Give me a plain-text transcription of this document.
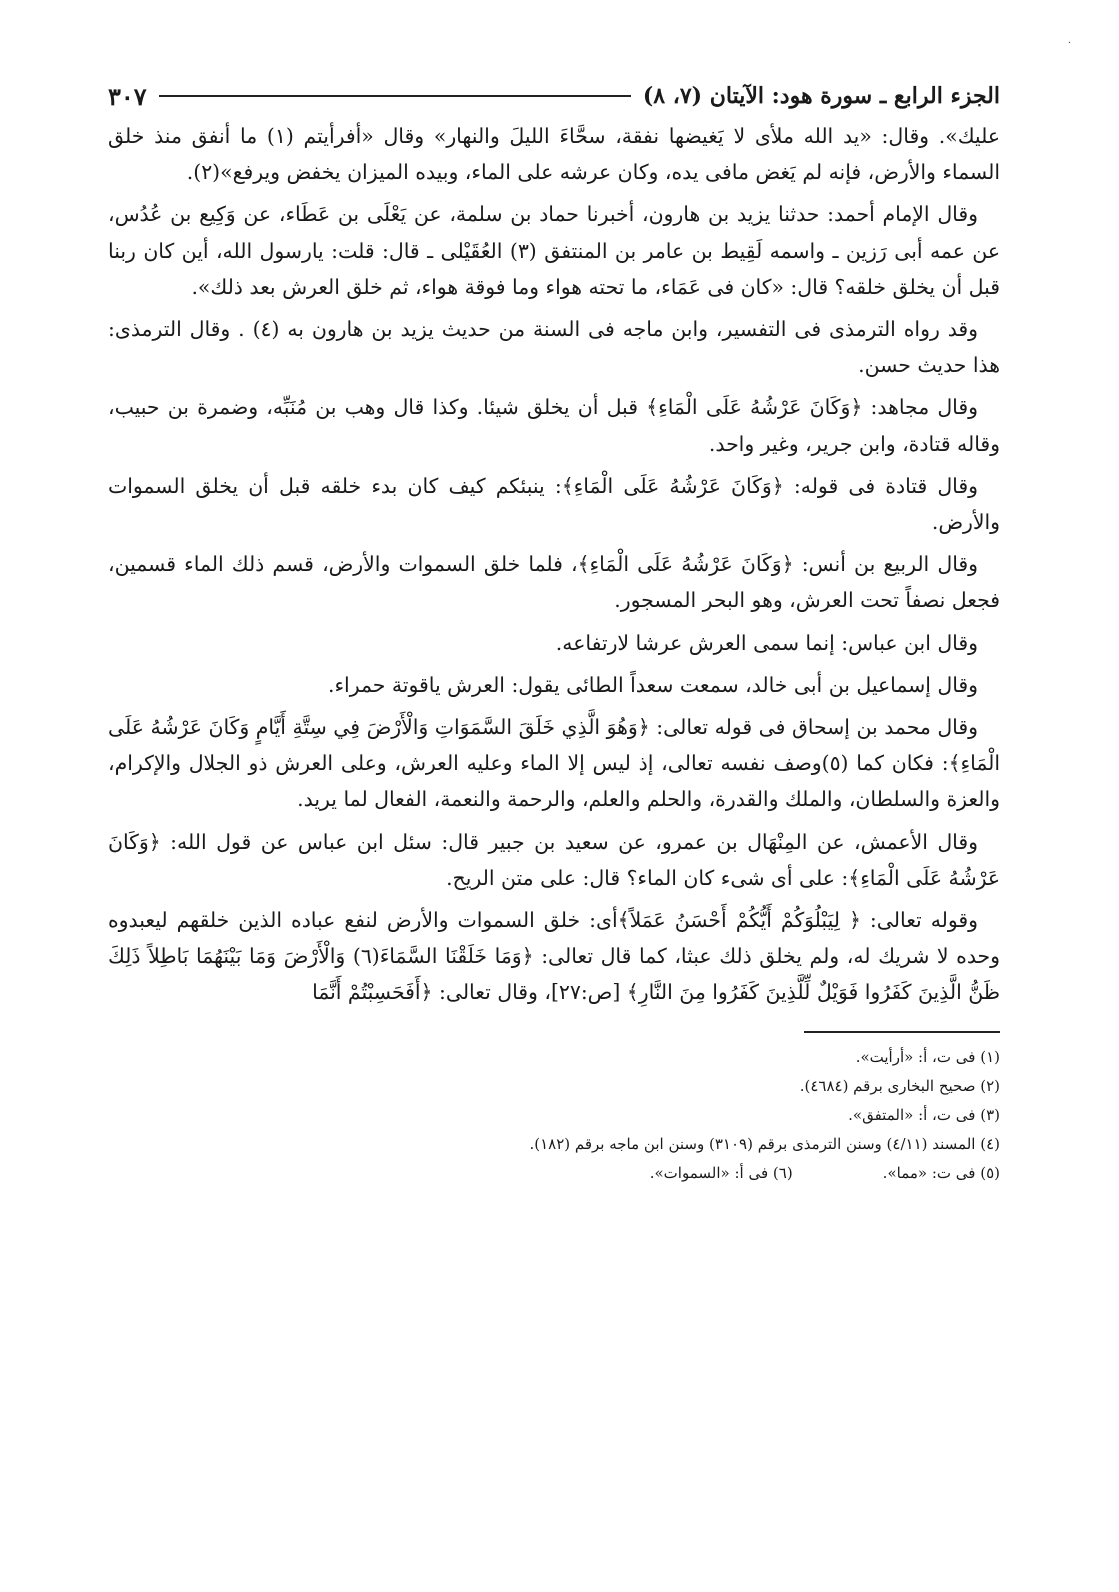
·
الجزء الرابع ـ سورة هود: الآيتان (٧، ٨)
٣٠٧

عليك». وقال: «يد الله ملأى لا يَغيضها نفقة، سحَّاءَ الليلَ والنهار» وقال «أفرأيتم (١) ما أنفق منذ خلق السماء والأرض، فإنه لم يَغض مافى يده، وكان عرشه على الماء، وبيده الميزان يخفض ويرفع»(٢).

وقال الإمام أحمد: حدثنا يزيد بن هارون، أخبرنا حماد بن سلمة، عن يَعْلَى بن عَطَاء، عن وَكِيع بن عُدُس، عن عمه أبى رَزين ـ واسمه لَقِيط بن عامر بن المنتفق (٣) العُقَيْلى ـ قال: قلت: يارسول الله، أين كان ربنا قبل أن يخلق خلقه؟ قال: «كان فى عَمَاء، ما تحته هواء وما فوقة هواء، ثم خلق العرش بعد ذلك».

وقد رواه الترمذى فى التفسير، وابن ماجه فى السنة من حديث يزيد بن هارون به (٤) . وقال الترمذى: هذا حديث حسن.

وقال مجاهد: ﴿وَكَانَ عَرْشُهُ عَلَى الْمَاءِ﴾ قبل أن يخلق شيئا. وكذا قال وهب بن مُنَبِّه، وضمرة بن حبيب، وقاله قتادة، وابن جرير، وغير واحد.

وقال قتادة فى قوله: ﴿وَكَانَ عَرْشُهُ عَلَى الْمَاءِ﴾: ينبئكم كيف كان بدء خلقه قبل أن يخلق السموات والأرض.

وقال الربيع بن أنس: ﴿وَكَانَ عَرْشُهُ عَلَى الْمَاءِ﴾، فلما خلق السموات والأرض، قسم ذلك الماء قسمين، فجعل نصفاً تحت العرش، وهو البحر المسجور.

وقال ابن عباس: إنما سمى العرش عرشا لارتفاعه.

وقال إسماعيل بن أبى خالد، سمعت سعداً الطائى يقول: العرش ياقوتة حمراء.

وقال محمد بن إسحاق فى قوله تعالى: ﴿وَهُوَ الَّذِي خَلَقَ السَّمَوَاتِ وَالْأَرْضَ فِي سِتَّةِ أَيَّامٍ وَكَانَ عَرْشُهُ عَلَى الْمَاءِ﴾: فكان كما (٥)وصف نفسه تعالى، إذ ليس إلا الماء وعليه العرش، وعلى العرش ذو الجلال والإكرام، والعزة والسلطان، والملك والقدرة، والحلم والعلم، والرحمة والنعمة، الفعال لما يريد.

وقال الأعمش، عن المِنْهَال بن عمرو، عن سعيد بن جبير قال: سئل ابن عباس عن قول الله: ﴿وَكَانَ عَرْشُهُ عَلَى الْمَاءِ﴾: على أى شىء كان الماء؟ قال: على متن الريح.

وقوله تعالى: ﴿ لِيَبْلُوَكُمْ أَيُّكُمْ أَحْسَنُ عَمَلاً﴾أى: خلق السموات والأرض لنفع عباده الذين خلقهم ليعبدوه وحده لا شريك له، ولم يخلق ذلك عبثا، كما قال تعالى: ﴿وَمَا خَلَقْنَا السَّمَاءَ(٦) وَالْأَرْضَ وَمَا بَيْنَهُمَا بَاطِلاً ذَلِكَ ظَنُّ الَّذِينَ كَفَرُوا فَوَيْلٌ لِّلَّذِينَ كَفَرُوا مِنَ النَّارِ﴾ [ص:٢٧]، وقال تعالى: ﴿أَفَحَسِبْتُمْ أَنَّمَا

(١) فى ت، أ: «أرأيت».

(٢) صحيح البخارى برقم (٤٦٨٤).

(٣) فى ت، أ: «المتفق».

(٤) المسند (٤/١١) وسنن الترمذى برقم (٣١٠٩) وسنن ابن ماجه برقم (١٨٢).

(٥) فى ت: «مما».
(٦) فى أ: «السموات».
